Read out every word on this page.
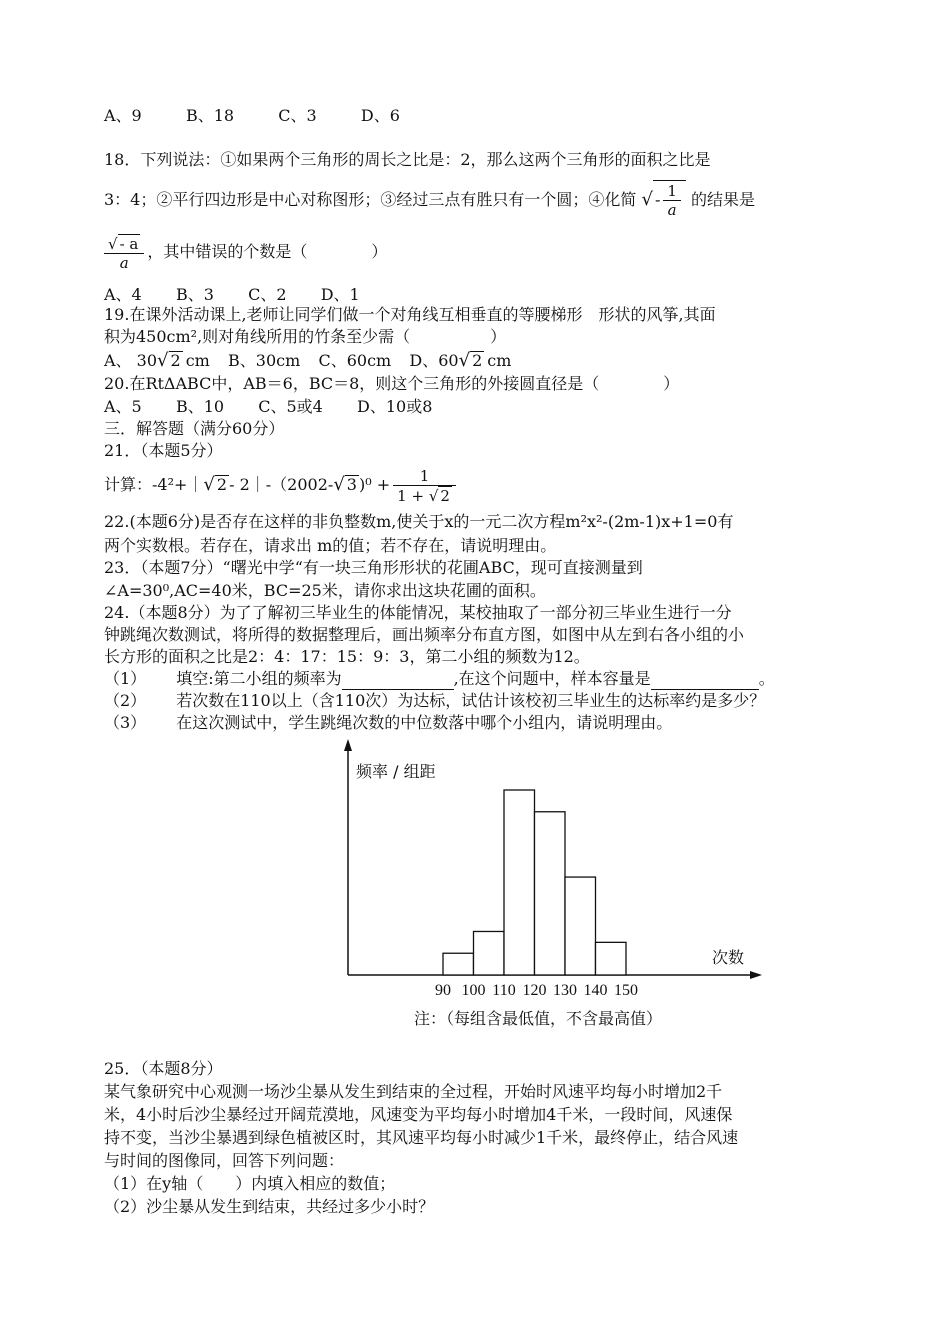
A、9	B、18	C、3	D、6
18．下列说法：①如果两个三角形的周长之比是：2，那么这两个三角形的面积之比是
3：4；②平行四边形是中心对称图形；③经过三点有胜只有一个圆；④化简 √ - $\frac{1}{a}$ 的结果是
$\frac{√ - a}{a}$ ，其中错误的个数是（　　　　）
A、4 B、3 C、2 D、1
19.在课外活动课上,老师让同学们做一个对角线互相垂直的等腰梯形　形状的风筝,其面
积为450cm²,则对角线所用的竹条至少需（　　　　　）
A、 30√ 2 cm B、30cm C、60cm D、60√ 2 cm
20.在RtΔABC中，AB＝6，BC＝8，则这个三角形的外接圆直径是（　　　　）
A、5 B、10 C、5或4 D、10或8
三．解答题（满分60分）
21．（本题5分）
计算：-4²+｜√ 2 - 2｜-（2002-√ 3 )$^0 + \frac{1}{1 + √ 2}$
22.(本题6分)是否存在这样的非负整数m,使关于x的一元二次方程m²x²-(2m-1)x+1=0有
两个实数根。若存在，请求出 m的值；若不存在，请说明理由。
23．（本题7分）“曙光中学“有一块三角形形状的花圃ABC，现可直接测量到
∠A=30⁰,AC=40米，BC=25米，请你求出这块花圃的面积。
24.（本题8分）为了了解初三毕业生的体能情况，某校抽取了一部分初三毕业生进行一分
钟跳绳次数测试，将所得的数据整理后，画出频率分布直方图，如图中从左到右各小组的小
长方形的面积之比是2：4：17：15：9：3，第二小组的频数为12。
（1） 填空:第二小组的频率为	,在这个问题中，样本容量是	。
（2） 若次数在110以上（含110次）为达标，试估计该校初三毕业生的达标率约是多少？
（3） 在这次测试中，学生跳绳次数的中位数落中哪个小组内，请说明理由。
频率 / 组距
次数
90 100 110 120 130 140 150
注：（每组含最低值，不含最高值）
25．（本题8分）
某气象研究中心观测一场沙尘暴从发生到结束的全过程，开始时风速平均每小时增加2千
米，4小时后沙尘暴经过开阔荒漠地，风速变为平均每小时增加4千米，一段时间，风速保
持不变，当沙尘暴遇到绿色植被区时，其风速平均每小时减少1千米，最终停止，结合风速
与时间的图像同，回答下列问题：
（1）在y轴（　　）内填入相应的数值；
（2）沙尘暴从发生到结束，共经过多少小时？
